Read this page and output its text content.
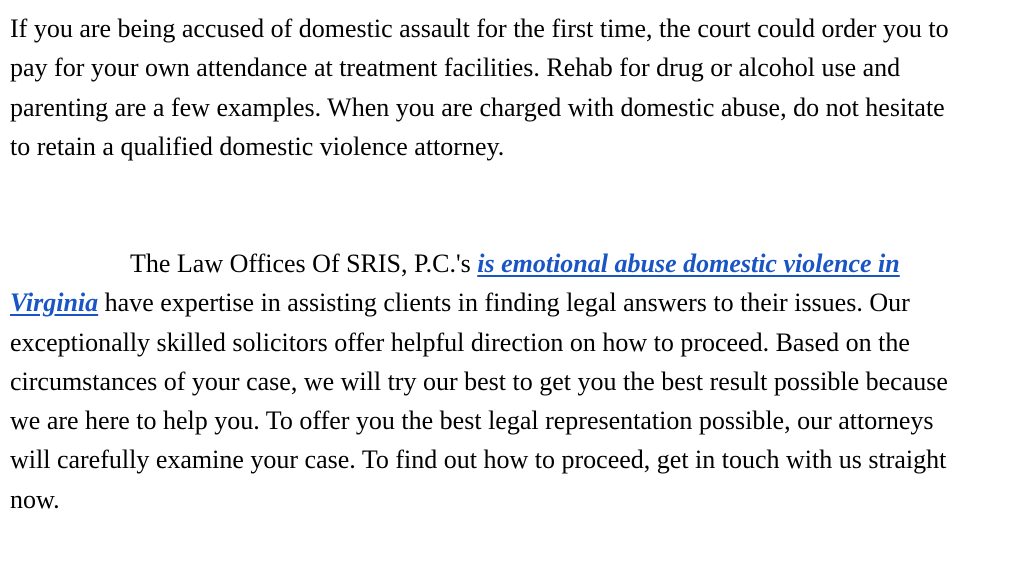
If you are being accused of domestic assault for the first time, the court could order you to
pay for your own attendance at treatment facilities. Rehab for drug or alcohol use and
parenting are a few examples. When you are charged with domestic abuse, do not hesitate
to retain a qualified domestic violence attorney.

The Law Offices Of SRIS, P.C.'s is emotional abuse domestic violence in
Virginia have expertise in assisting clients in finding legal answers to their issues. Our
exceptionally skilled solicitors offer helpful direction on how to proceed. Based on the
circumstances of your case, we will try our best to get you the best result possible because
we are here to help you. To offer you the best legal representation possible, our attorneys
will carefully examine your case. To find out how to proceed, get in touch with us straight
now.
